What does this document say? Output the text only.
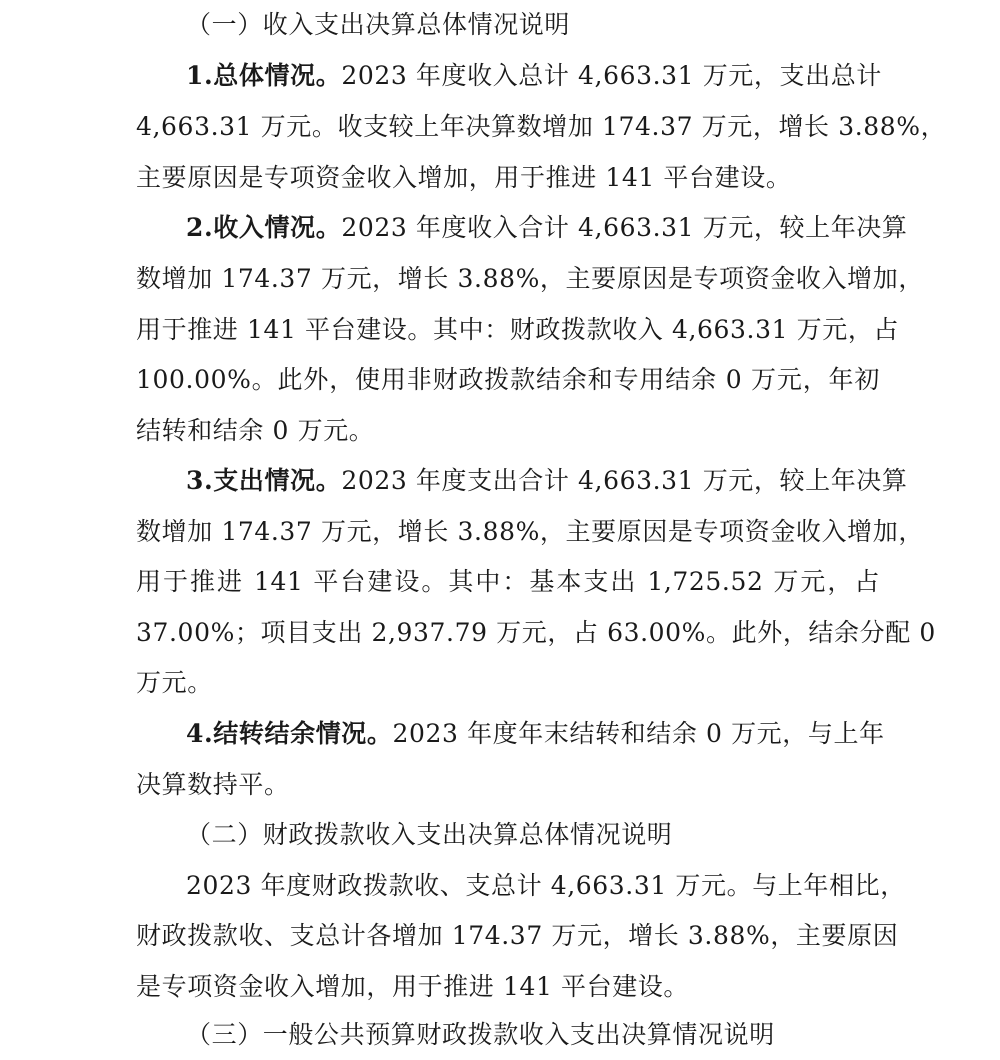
（一）收入支出决算总体情况说明
1.总体情况。2023 年度收入总计 4,663.31 万元，支出总计
4,663.31 万元。收支较上年决算数增加 174.37 万元，增长 3.88%，
主要原因是专项资金收入增加，用于推进 141 平台建设。
2.收入情况。2023 年度收入合计 4,663.31 万元，较上年决算
数增加 174.37 万元，增长 3.88%，主要原因是专项资金收入增加，
用于推进 141 平台建设。其中：财政拨款收入 4,663.31 万元，占
100.00%。此外，使用非财政拨款结余和专用结余 0 万元，年初
结转和结余 0 万元。
3.支出情况。2023 年度支出合计 4,663.31 万元，较上年决算
数增加 174.37 万元，增长 3.88%，主要原因是专项资金收入增加，
用于推进 141 平台建设。其中：基本支出 1,725.52 万元，占
37.00%；项目支出 2,937.79 万元，占 63.00%。此外，结余分配 0
万元。
4.结转结余情况。2023 年度年末结转和结余 0 万元，与上年
决算数持平。
（二）财政拨款收入支出决算总体情况说明
2023 年度财政拨款收、支总计 4,663.31 万元。与上年相比，
财政拨款收、支总计各增加 174.37 万元，增长 3.88%，主要原因
是专项资金收入增加，用于推进 141 平台建设。
（三）一般公共预算财政拨款收入支出决算情况说明
